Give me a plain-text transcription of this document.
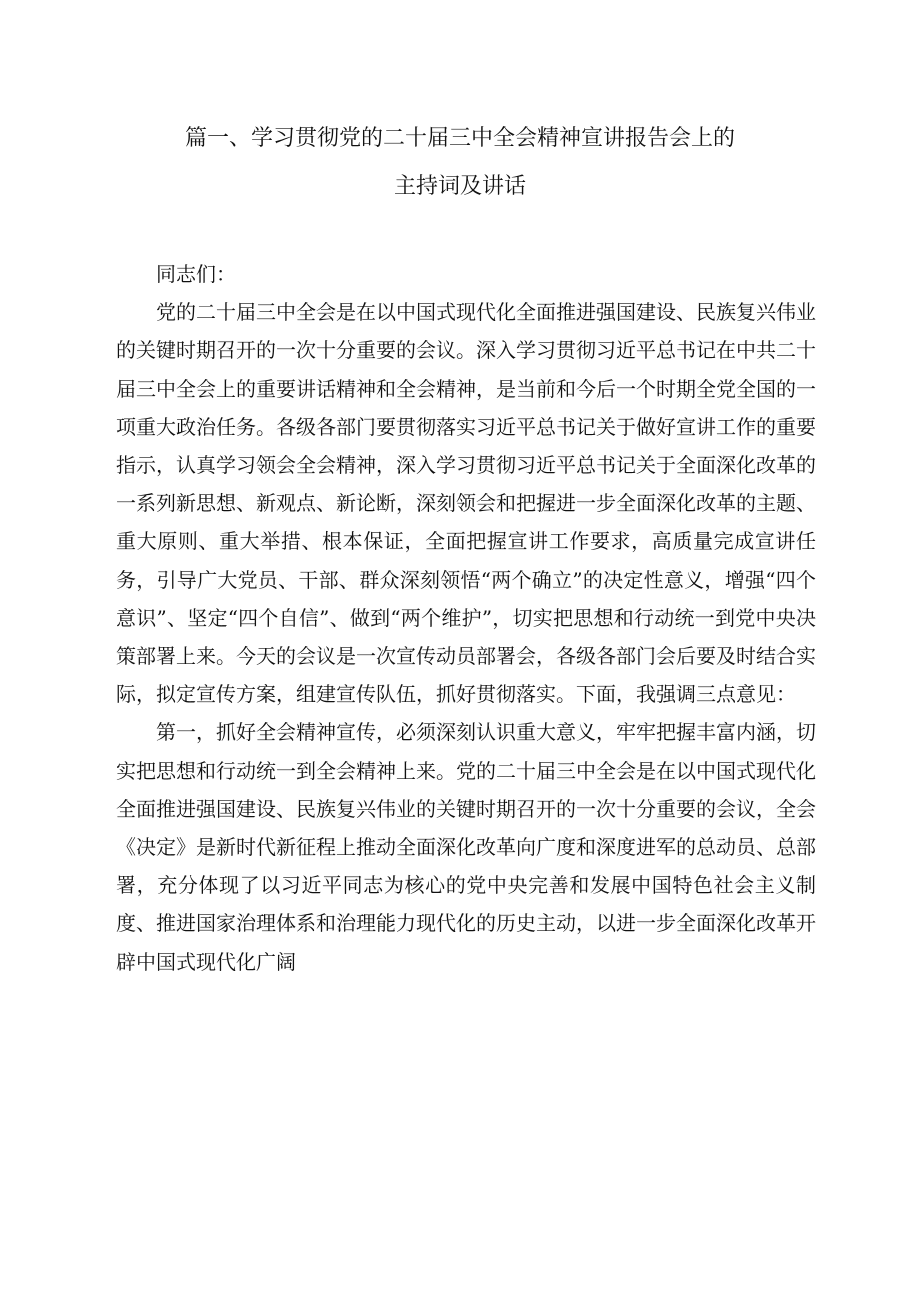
篇一、学习贯彻党的二十届三中全会精神宣讲报告会上的
主持词及讲话

同志们：

党的二十届三中全会是在以中国式现代化全面推进强国建设、民族复兴伟业的关键时期召开的一次十分重要的会议。深入学习贯彻习近平总书记在中共二十届三中全会上的重要讲话精神和全会精神，是当前和今后一个时期全党全国的一项重大政治任务。各级各部门要贯彻落实习近平总书记关于做好宣讲工作的重要指示，认真学习领会全会精神，深入学习贯彻习近平总书记关于全面深化改革的一系列新思想、新观点、新论断，深刻领会和把握进一步全面深化改革的主题、重大原则、重大举措、根本保证，全面把握宣讲工作要求，高质量完成宣讲任务，引导广大党员、干部、群众深刻领悟“两个确立”的决定性意义，增强“四个意识”、坚定“四个自信”、做到“两个维护”，切实把思想和行动统一到党中央决策部署上来。今天的会议是一次宣传动员部署会，各级各部门会后要及时结合实际，拟定宣传方案，组建宣传队伍，抓好贯彻落实。下面，我强调三点意见：

第一，抓好全会精神宣传，必须深刻认识重大意义，牢牢把握丰富内涵，切实把思想和行动统一到全会精神上来。党的二十届三中全会是在以中国式现代化全面推进强国建设、民族复兴伟业的关键时期召开的一次十分重要的会议，全会《决定》是新时代新征程上推动全面深化改革向广度和深度进军的总动员、总部署，充分体现了以习近平同志为核心的党中央完善和发展中国特色社会主义制度、推进国家治理体系和治理能力现代化的历史主动，以进一步全面深化改革开辟中国式现代化广阔
